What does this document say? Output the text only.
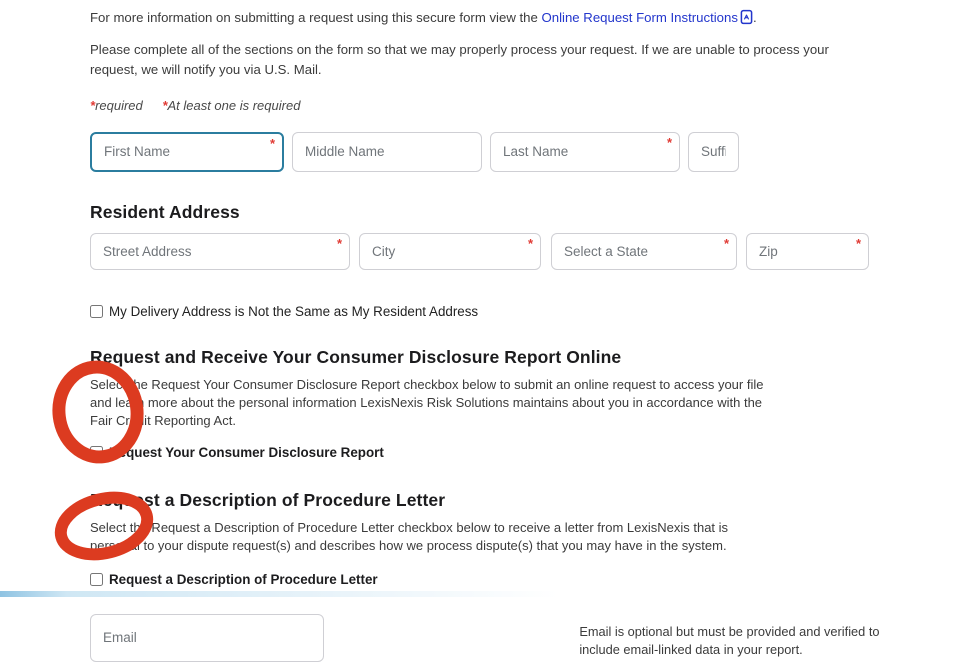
For more information on submitting a request using this secure form view the Online Request Form Instructions .

Please complete all of the sections on the form so that we may properly process your request. If we are unable to process your request, we will notify you via U.S. Mail.

*required *At least one is required
First Name
*
Middle Name
Last Name	*
Suffix
Resident Address
Street Address
*
City	*
Select a State	*
Zip	*
My Delivery Address is Not the Same as My Resident Address
Request and Receive Your Consumer Disclosure Report Online

Select the Request Your Consumer Disclosure Report checkbox below to submit an online request to access your file and learn more about the personal information LexisNexis Risk Solutions maintains about you in accordance with the Fair Credit Reporting Act.

Request Your Consumer Disclosure Report
Request a Description of Procedure Letter

Select the Request a Description of Procedure Letter checkbox below to receive a letter from LexisNexis that is personal to your dispute request(s) and describes how we process dispute(s) that you may have in the system.

Request a Description of Procedure Letter
Email
Email is optional but must be provided and verified to include email-linked data in your report.
